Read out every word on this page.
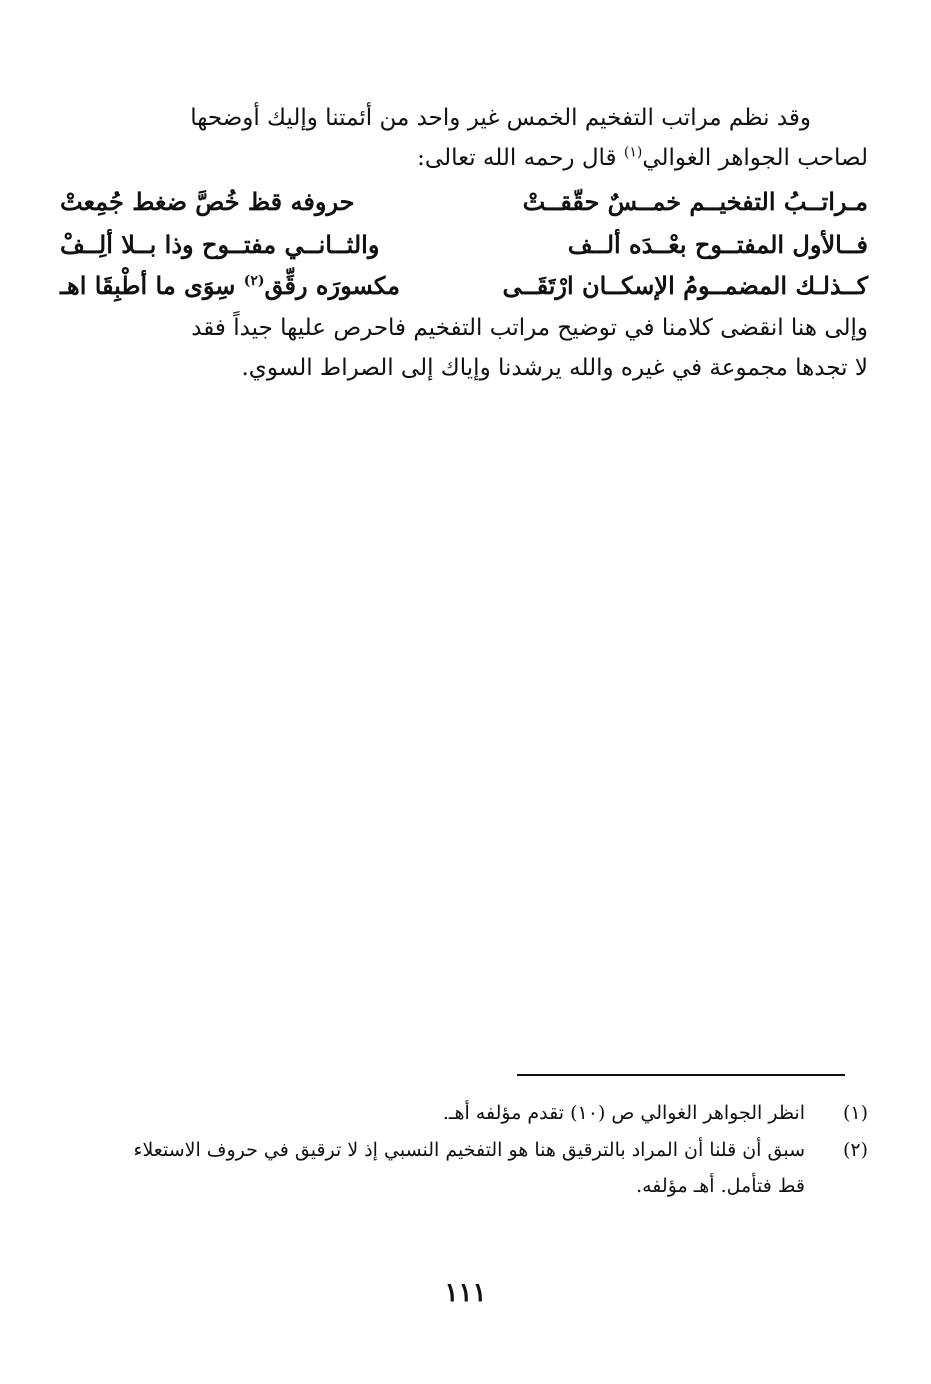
وقد نظم مراتب التفخيم الخمس غير واحد من أئمتنا وإليك أوضحها
لصاحب الجواهر الغوالي$^{(١)}$ قال رحمه الله تعالى:
مـراتــبُ التفخيــم خمــسٌ حقّقــتْ
حروفه قظ خُصَّ ضغط جُمِعتْ
فــالأول المفتــوح بعْــدَه ألــف
والثــانــي مفتــوح وذا بــلا ألِــفْ
كــذلـك المضمــومُ الإسكــان ارْتَقَــى
مكسورَه رقِّق$^{(٢)}$ سِوَى ما أطْبِقَا اهـ
وإلى هنا انقضى كلامنا في توضيح مراتب التفخيم فاحرص عليها جيداً فقد
لا تجدها مجموعة في غيره والله يرشدنا وإياك إلى الصراط السوي.
(١)
انظر الجواهر الغوالي ص (١٠) تقدم مؤلفه أهـ.
(٢)
سبق أن قلنا أن المراد بالترقيق هنا هو التفخيم النسبي إذ لا ترقيق في حروف الاستعلاء
قط فتأمل. أهـ مؤلفه.
١١١
